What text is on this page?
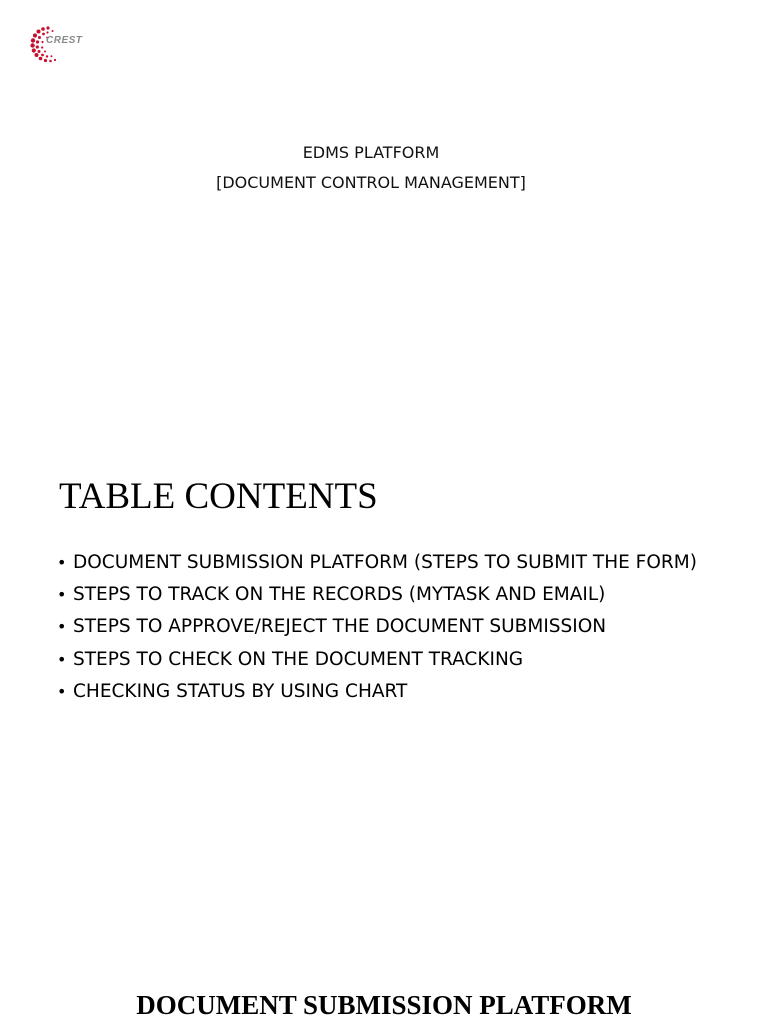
CREST
EDMS PLATFORM
[DOCUMENT CONTROL MANAGEMENT]
TABLE CONTENTS
• DOCUMENT SUBMISSION PLATFORM (STEPS TO SUBMIT THE FORM)
• STEPS TO TRACK ON THE RECORDS (MYTASK AND EMAIL)
• STEPS TO APPROVE/REJECT THE DOCUMENT SUBMISSION
• STEPS TO CHECK ON THE DOCUMENT TRACKING
• CHECKING STATUS BY USING CHART
DOCUMENT SUBMISSION PLATFORM
